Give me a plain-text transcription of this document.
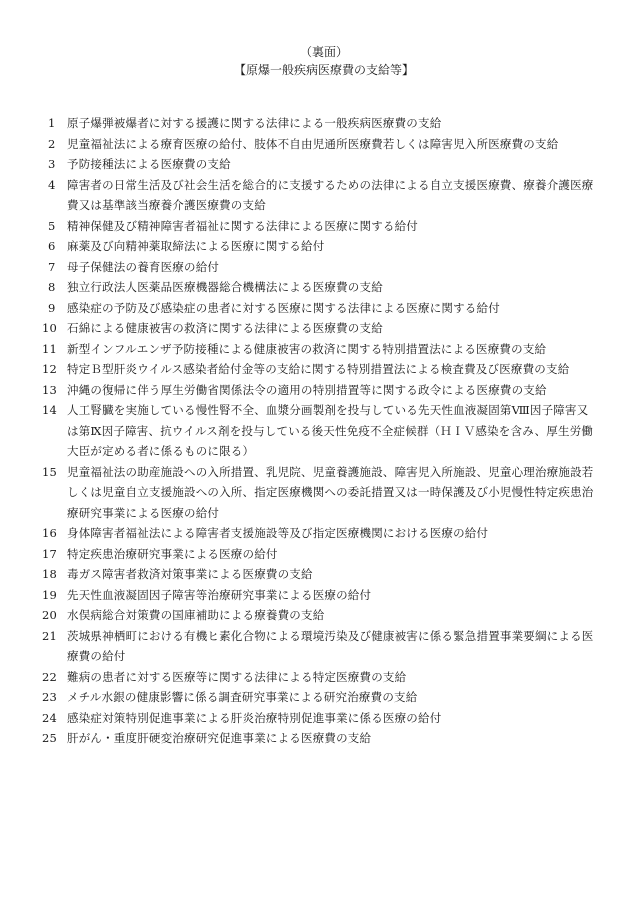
（裏面）
【原爆一般疾病医療費の支給等】
1 原子爆弾被爆者に対する援護に関する法律による一般疾病医療費の支給
2 児童福祉法による療育医療の給付、肢体不自由児通所医療費若しくは障害児入所医療費の支給
3 予防接種法による医療費の支給
4 障害者の日常生活及び社会生活を総合的に支援するための法律による自立支援医療費、療養介護医療費又は基準該当療養介護医療費の支給
5 精神保健及び精神障害者福祉に関する法律による医療に関する給付
6 麻薬及び向精神薬取締法による医療に関する給付
7 母子保健法の養育医療の給付
8 独立行政法人医薬品医療機器総合機構法による医療費の支給
9 感染症の予防及び感染症の患者に対する医療に関する法律による医療に関する給付
10 石綿による健康被害の救済に関する法律による医療費の支給
11 新型インフルエンザ予防接種による健康被害の救済に関する特別措置法による医療費の支給
12 特定Ｂ型肝炎ウイルス感染者給付金等の支給に関する特別措置法による検査費及び医療費の支給
13 沖縄の復帰に伴う厚生労働省関係法令の適用の特別措置等に関する政令による医療費の支給
14 人工腎臓を実施している慢性腎不全、血漿分画製剤を投与している先天性血液凝固第Ⅷ因子障害又は第Ⅸ因子障害、抗ウイルス剤を投与している後天性免疫不全症候群（ＨＩＶ感染を含み、厚生労働大臣が定める者に係るものに限る）
15 児童福祉法の助産施設への入所措置、乳児院、児童養護施設、障害児入所施設、児童心理治療施設若しくは児童自立支援施設への入所、指定医療機関への委託措置又は一時保護及び小児慢性特定疾患治療研究事業による医療の給付
16 身体障害者福祉法による障害者支援施設等及び指定医療機関における医療の給付
17 特定疾患治療研究事業による医療の給付
18 毒ガス障害者救済対策事業による医療費の支給
19 先天性血液凝固因子障害等治療研究事業による医療の給付
20 水俣病総合対策費の国庫補助による療養費の支給
21 茨城県神栖町における有機ヒ素化合物による環境汚染及び健康被害に係る緊急措置事業要綱による医療費の給付
22 難病の患者に対する医療等に関する法律による特定医療費の支給
23 メチル水銀の健康影響に係る調査研究事業による研究治療費の支給
24 感染症対策特別促進事業による肝炎治療特別促進事業に係る医療の給付
25 肝がん・重度肝硬変治療研究促進事業による医療費の支給
